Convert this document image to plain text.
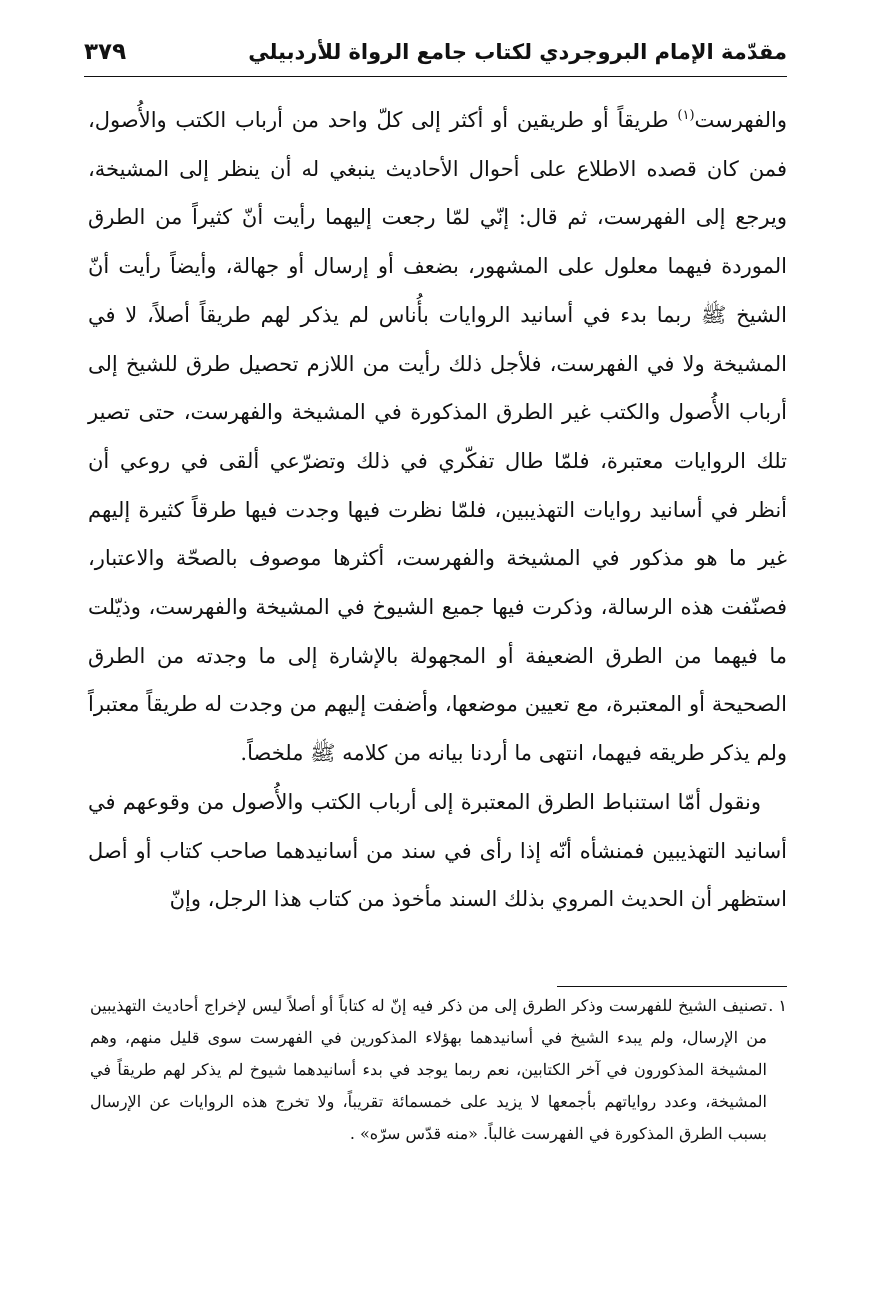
مقدّمة الإمام البروجردي لكتاب جامع الرواة للأردبيلي
٣٧٩

والفهرست$^{(١)}$ طريقاً أو طريقين أو أكثر إلى كلّ واحد من أرباب الكتب والأُصول، فمن كان قصده الاطلاع على أحوال الأحاديث ينبغي له أن ينظر إلى المشيخة، ويرجع إلى الفهرست، ثم قال: إنّي لمّا رجعت إليهما رأيت أنّ كثيراً من الطرق الموردة فيهما معلول على المشهور، بضعف أو إرسال أو جهالة، وأيضاً رأيت أنّ الشيخ ﷺ ربما بدء في أسانيد الروايات بأُناس لم يذكر لهم طريقاً أصلاً، لا في المشيخة ولا في الفهرست، فلأجل ذلك رأيت من اللازم تحصيل طرق للشيخ إلى أرباب الأُصول والكتب غير الطرق المذكورة في المشيخة والفهرست، حتى تصير تلك الروايات معتبرة، فلمّا طال تفكّري في ذلك وتضرّعي ألقى في روعي أن أنظر في أسانيد روايات التهذيبين، فلمّا نظرت فيها وجدت فيها طرقاً كثيرة إليهم غير ما هو مذكور في المشيخة والفهرست، أكثرها موصوف بالصحّة والاعتبار، فصنّفت هذه الرسالة، وذكرت فيها جميع الشيوخ في المشيخة والفهرست، وذيّلت ما فيهما من الطرق الضعيفة أو المجهولة بالإشارة إلى ما وجدته من الطرق الصحيحة أو المعتبرة، مع تعيين موضعها، وأضفت إليهم من وجدت له طريقاً معتبراً ولم يذكر طريقه فيهما، انتهى ما أردنا بيانه من كلامه ﷺ ملخصاً.

ونقول أمّا استنباط الطرق المعتبرة إلى أرباب الكتب والأُصول من وقوعهم في أسانيد التهذيبين فمنشأه أنّه إذا رأى في سند من أسانيدهما صاحب كتاب أو أصل استظهر أن الحديث المروي بذلك السند مأخوذ من كتاب هذا الرجل، وإنّ

١ .
تصنيف الشيخ للفهرست وذكر الطرق إلى من ذكر فيه إنّ له كتاباً أو أصلاً ليس لإخراج أحاديث التهذيبين من الإرسال، ولم يبدء الشيخ في أسانيدهما بهؤلاء المذكورين في الفهرست سوى قليل منهم، وهم المشيخة المذكورون في آخر الكتابين، نعم ربما يوجد في بدء أسانيدهما شيوخ لم يذكر لهم طريقاً في المشيخة، وعدد رواياتهم بأجمعها لا يزيد على خمسمائة تقريباً، ولا تخرج هذه الروايات عن الإرسال بسبب الطرق المذكورة في الفهرست غالباً. «منه قدّس سرّه» .
